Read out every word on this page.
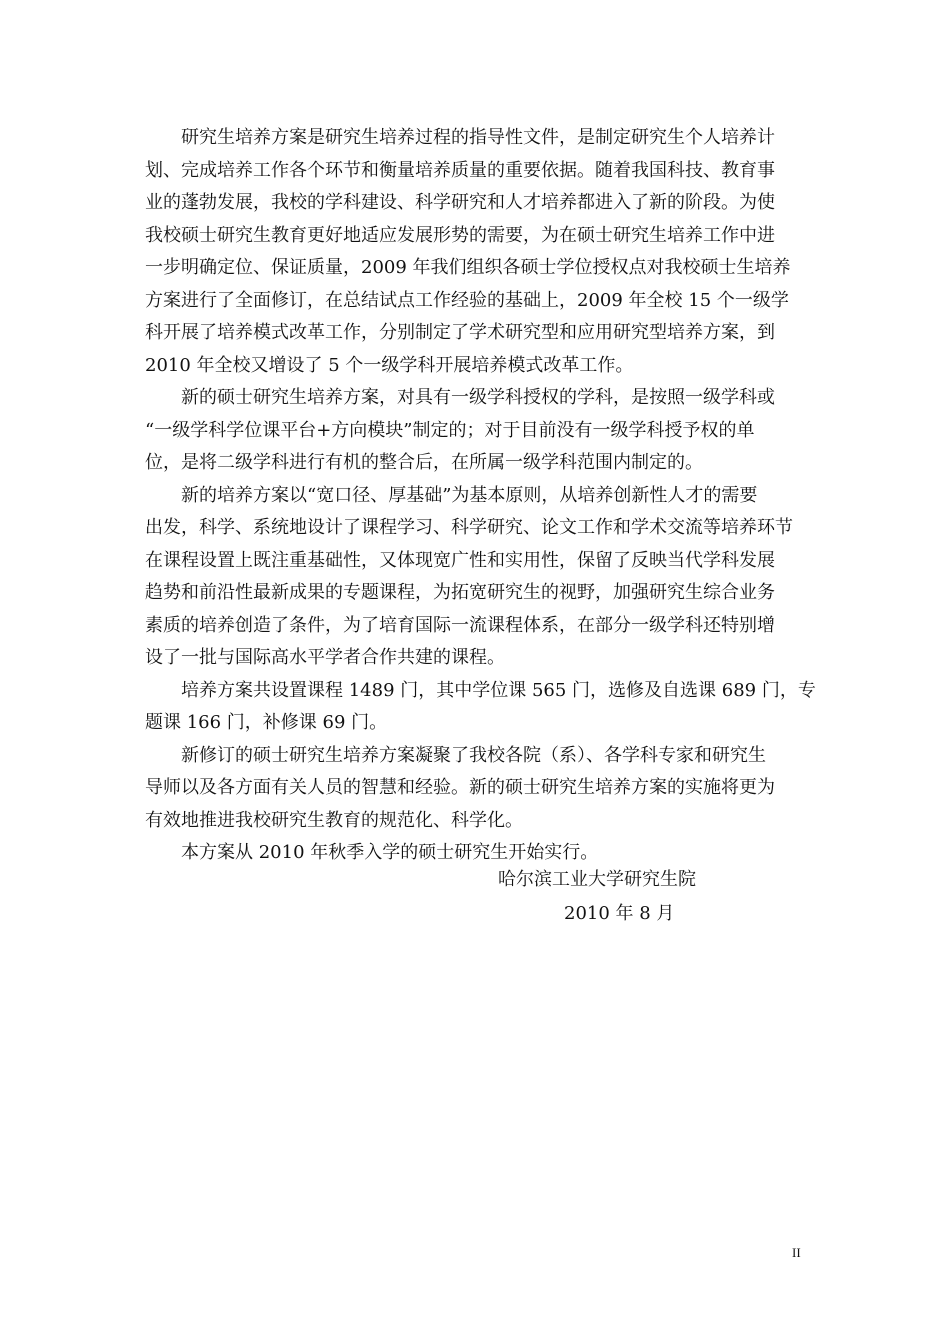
研究生培养方案是研究生培养过程的指导性文件，是制定研究生个人培养计
划、完成培养工作各个环节和衡量培养质量的重要依据。随着我国科技、教育事
业的蓬勃发展，我校的学科建设、科学研究和人才培养都进入了新的阶段。为使
我校硕士研究生教育更好地适应发展形势的需要，为在硕士研究生培养工作中进
一步明确定位、保证质量，2009 年我们组织各硕士学位授权点对我校硕士生培养
方案进行了全面修订，在总结试点工作经验的基础上，2009 年全校 15 个一级学
科开展了培养模式改革工作，分别制定了学术研究型和应用研究型培养方案，到
2010 年全校又增设了 5 个一级学科开展培养模式改革工作。
新的硕士研究生培养方案，对具有一级学科授权的学科，是按照一级学科或
“一级学科学位课平台+方向模块”制定的；对于目前没有一级学科授予权的单
位，是将二级学科进行有机的整合后，在所属一级学科范围内制定的。
新的培养方案以“宽口径、厚基础”为基本原则，从培养创新性人才的需要
出发，科学、系统地设计了课程学习、科学研究、论文工作和学术交流等培养环节
在课程设置上既注重基础性，又体现宽广性和实用性，保留了反映当代学科发展
趋势和前沿性最新成果的专题课程，为拓宽研究生的视野，加强研究生综合业务
素质的培养创造了条件，为了培育国际一流课程体系，在部分一级学科还特别增
设了一批与国际高水平学者合作共建的课程。
培养方案共设置课程 1489 门，其中学位课 565 门，选修及自选课 689 门，专
题课 166 门，补修课 69 门。
新修订的硕士研究生培养方案凝聚了我校各院（系）、各学科专家和研究生
导师以及各方面有关人员的智慧和经验。新的硕士研究生培养方案的实施将更为
有效地推进我校研究生教育的规范化、科学化。
本方案从 2010 年秋季入学的硕士研究生开始实行。
哈尔滨工业大学研究生院
2010 年 8 月
II
